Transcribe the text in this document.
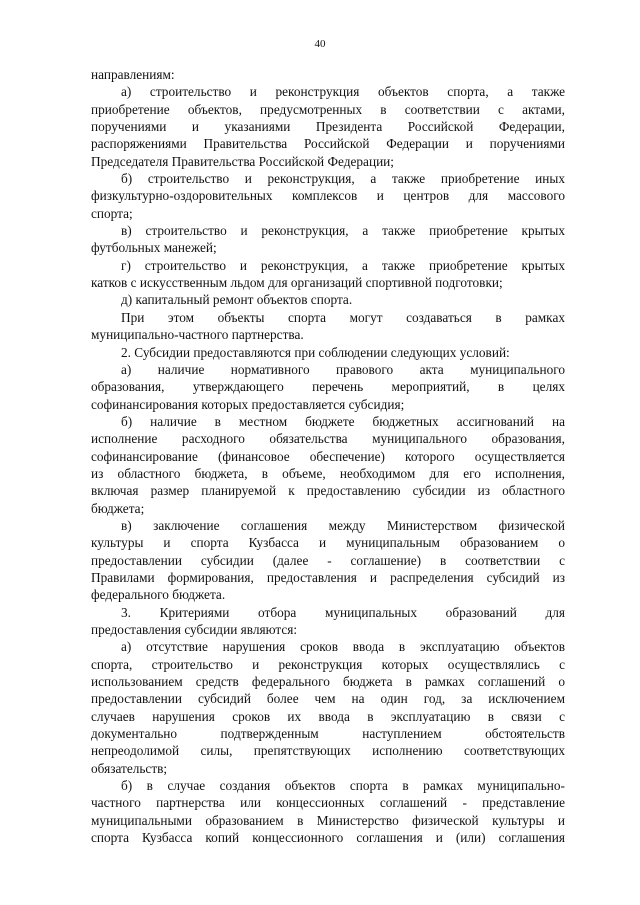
40
направлениям:
а) строительство и реконструкция объектов спорта, а также
приобретение объектов, предусмотренных в соответствии с актами,
поручениями и указаниями Президента Российской Федерации,
распоряжениями Правительства Российской Федерации и поручениями
Председателя Правительства Российской Федерации;
б) строительство и реконструкция, а также приобретение иных
физкультурно-оздоровительных комплексов и центров для массового
спорта;
в) строительство и реконструкция, а также приобретение крытых
футбольных манежей;
г) строительство и реконструкция, а также приобретение крытых
катков с искусственным льдом для организаций спортивной подготовки;
д) капитальный ремонт объектов спорта.
При этом объекты спорта могут создаваться в рамках
муниципально-частного партнерства.
2. Субсидии предоставляются при соблюдении следующих условий:
а) наличие нормативного правового акта муниципального
образования, утверждающего перечень мероприятий, в целях
софинансирования которых предоставляется субсидия;
б) наличие в местном бюджете бюджетных ассигнований на
исполнение расходного обязательства муниципального образования,
софинансирование (финансовое обеспечение) которого осуществляется
из областного бюджета, в объеме, необходимом для его исполнения,
включая размер планируемой к предоставлению субсидии из областного
бюджета;
в) заключение соглашения между Министерством физической
культуры и спорта Кузбасса и муниципальным образованием о
предоставлении субсидии (далее - соглашение) в соответствии с
Правилами формирования, предоставления и распределения субсидий из
федерального бюджета.
3. Критериями отбора муниципальных образований для
предоставления субсидии являются:
а) отсутствие нарушения сроков ввода в эксплуатацию объектов
спорта, строительство и реконструкция которых осуществлялись с
использованием средств федерального бюджета в рамках соглашений о
предоставлении субсидий более чем на один год, за исключением
случаев нарушения сроков их ввода в эксплуатацию в связи с
документально подтвержденным наступлением обстоятельств
непреодолимой силы, препятствующих исполнению соответствующих
обязательств;
б) в случае создания объектов спорта в рамках муниципально-
частного партнерства или концессионных соглашений - представление
муниципальными образованием в Министерство физической культуры и
спорта Кузбасса копий концессионного соглашения и (или) соглашения
